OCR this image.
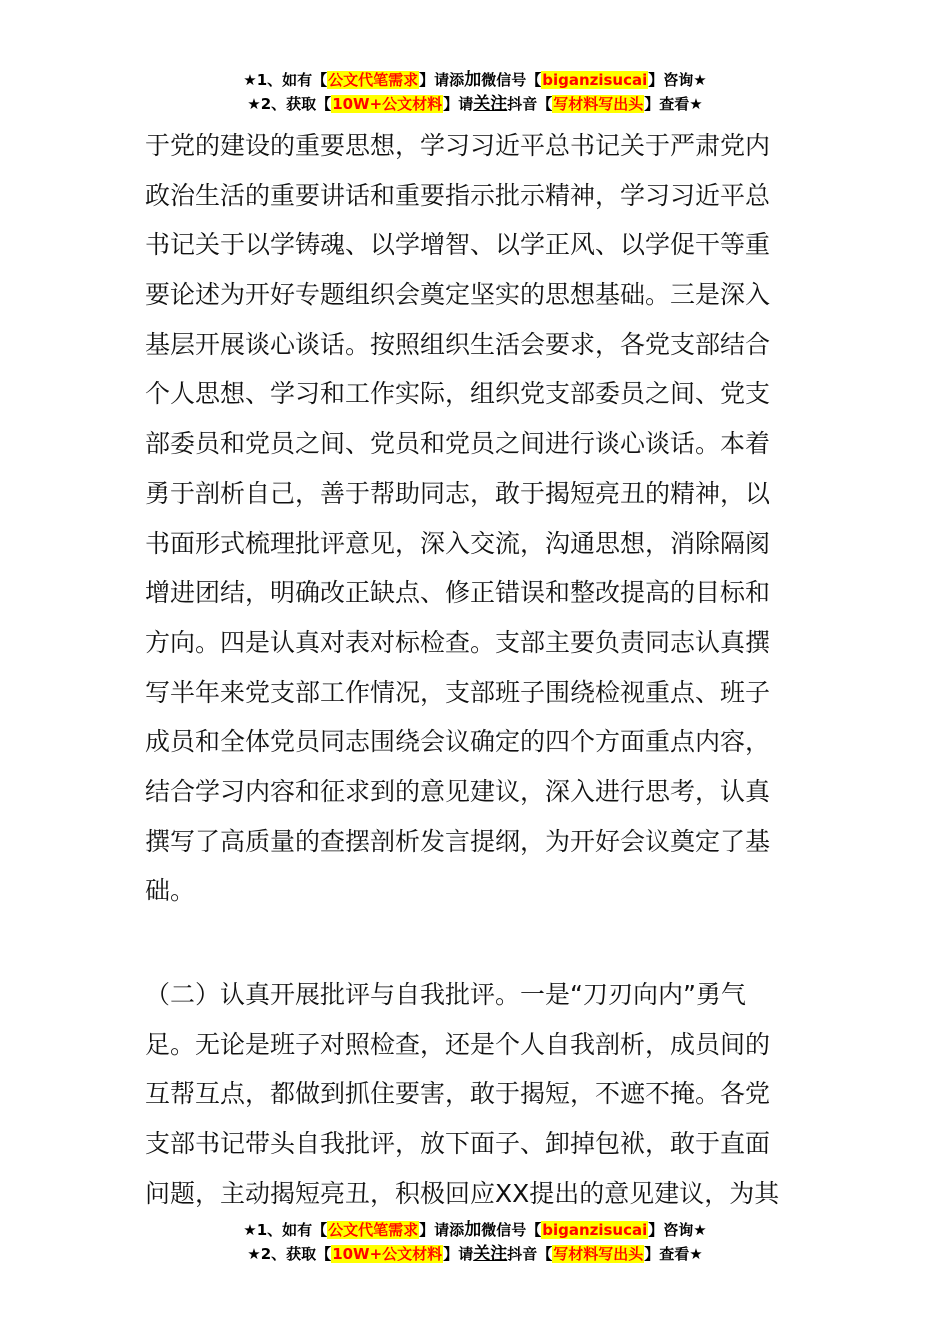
★1、如有【公文代笔需求】请添加微信号【biganzisucai】咨询★
★2、获取【10W+公文材料】请关注抖音【写材料写出头】查看★
于党的建设的重要思想，学习习近平总书记关于严肃党内
政治生活的重要讲话和重要指示批示精神，学习习近平总
书记关于以学铸魂、以学增智、以学正风、以学促干等重
要论述为开好专题组织会奠定坚实的思想基础。三是深入
基层开展谈心谈话。按照组织生活会要求，各党支部结合
个人思想、学习和工作实际，组织党支部委员之间、党支
部委员和党员之间、党员和党员之间进行谈心谈话。本着
勇于剖析自己，善于帮助同志，敢于揭短亮丑的精神，以
书面形式梳理批评意见，深入交流，沟通思想，消除隔阂
增进团结，明确改正缺点、修正错误和整改提高的目标和
方向。四是认真对表对标检查。支部主要负责同志认真撰
写半年来党支部工作情况，支部班子围绕检视重点、班子
成员和全体党员同志围绕会议确定的四个方面重点内容，
结合学习内容和征求到的意见建议，深入进行思考，认真
撰写了高质量的查摆剖析发言提纲，为开好会议奠定了基
础。
（二）认真开展批评与自我批评。一是“刀刃向内”勇气
足。无论是班子对照检查，还是个人自我剖析，成员间的
互帮互点，都做到抓住要害，敢于揭短，不遮不掩。各党
支部书记带头自我批评，放下面子、卸掉包袱，敢于直面
问题，主动揭短亮丑，积极回应XX提出的意见建议，为其
★1、如有【公文代笔需求】请添加微信号【biganzisucai】咨询★
★2、获取【10W+公文材料】请关注抖音【写材料写出头】查看★
